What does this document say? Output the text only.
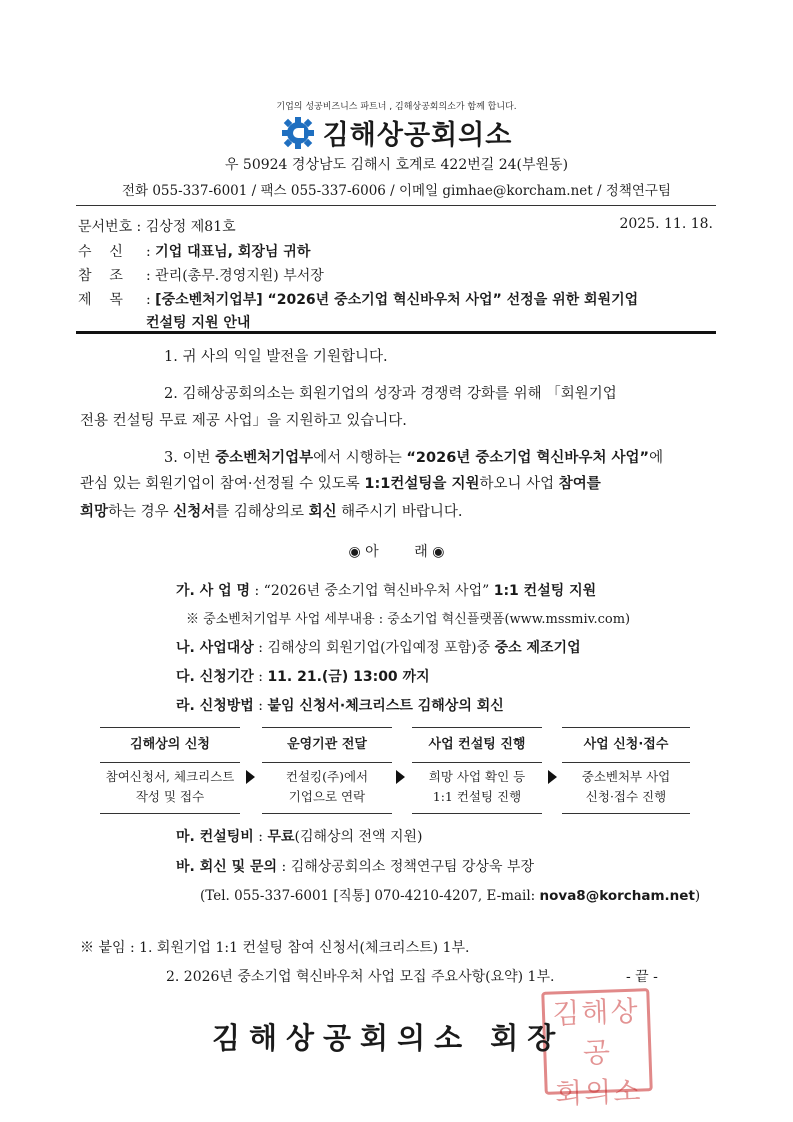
기업의 성공비즈니스 파트너 , 김해상공회의소가 함께 합니다.
김해상공회의소
우 50924 경상남도 김해시 호계로 422번길 24(부원동)
전화 055-337-6001 / 팩스 055-337-6006 / 이메일 gimhae@korcham.net / 정책연구팀
문서번호 : 김상정 제81호	2025. 11. 18.
수    신 : 기업 대표님, 회장님 귀하
참    조 : 관리(총무.경영지원) 부서장
제    목 : [중소벤처기업부] “2026년 중소기업 혁신바우처 사업” 선정을 위한 회원기업
컨설팅 지원 안내
1. 귀 사의 익일 발전을 기원합니다.
2. 김해상공회의소는 회원기업의 성장과 경쟁력 강화를 위해 「회원기업
전용 컨설팅 무료 제공 사업」을 지원하고 있습니다.
3. 이번 중소벤처기업부에서 시행하는 “2026년 중소기업 혁신바우처 사업”에
관심 있는 회원기업이 참여·선정될 수 있도록 1:1컨설팅을 지원하오니 사업 참여를
희망하는 경우 신청서를 김해상의로 회신 해주시기 바랍니다.
◉ 아        래 ◉
가. 사 업 명 : “2026년 중소기업 혁신바우처 사업” 1:1 컨설팅 지원
※ 중소벤처기업부 사업 세부내용 : 중소기업 혁신플랫폼(www.mssmiv.com)
나. 사업대상 : 김해상의 회원기업(가입예정 포함)중 중소 제조기업
다. 신청기간 : 11. 21.(금) 13:00 까지
라. 신청방법 : 붙임 신청서·체크리스트 김해상의 회신
김해상의 신청
참여신청서, 체크리스트
작성 및 접수
운영기관 전달
컨설킹(주)에서
기업으로 연락
사업 컨설팅 진행
희망 사업 확인 등
1:1 컨설팅 진행
사업 신청·접수
중소벤처부 사업
신청·접수 진행
마. 컨설팅비 : 무료(김해상의 전액 지원)
바. 회신 및 문의 : 김해상공회의소 정책연구팀 강상욱 부장
(Tel. 055-337-6001 [직통] 070-4210-4207, E-mail: nova8@korcham.net)
※ 붙임 : 1. 회원기업 1:1 컨설팅 참여 신청서(체크리스트) 1부.
2. 2026년 중소기업 혁신바우처 사업 모집 주요사항(요약) 1부.	- 끝 -
김해상공
회의소
김해상공회의소 회장
